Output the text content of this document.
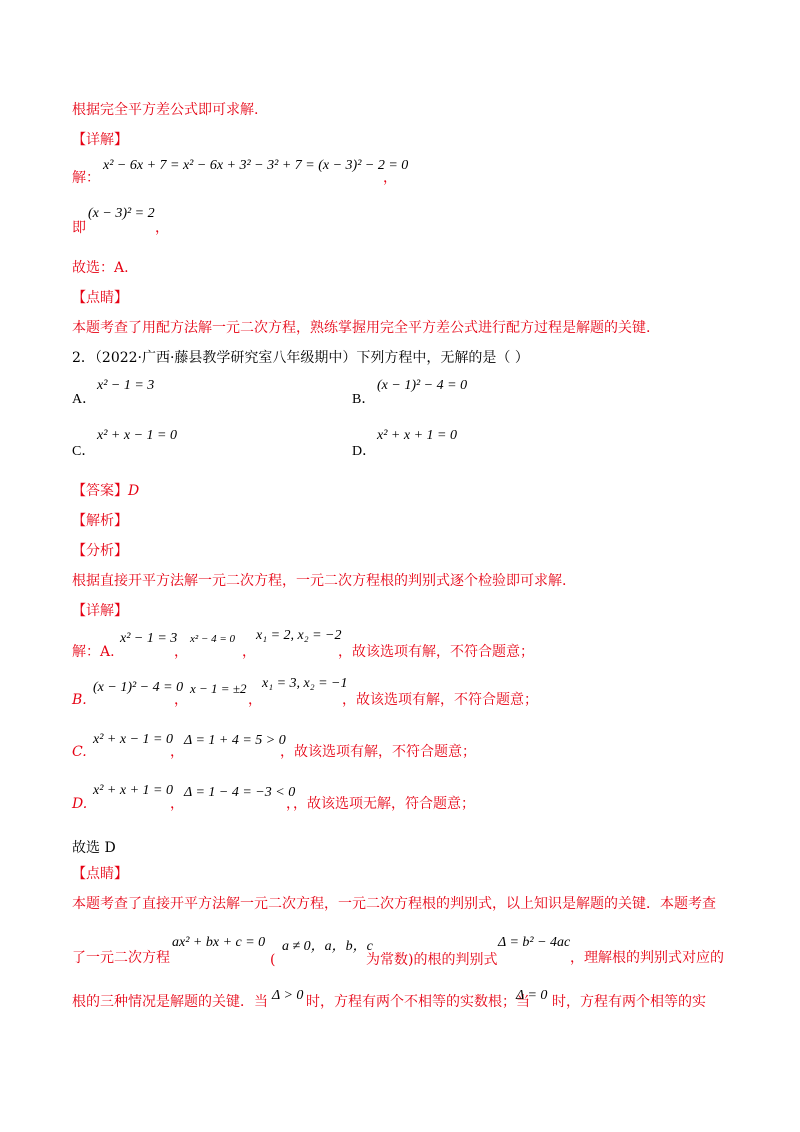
根据完全平方差公式即可求解.
【详解】
解：
x² − 6x + 7 = x² − 6x + 3² − 3² + 7 = (x − 3)² − 2 = 0
，
即
(x − 3)² = 2
，
故选：A.
【点睛】
本题考查了用配方法解一元二次方程，熟练掌握用完全平方差公式进行配方过程是解题的关键.
2．（2022·广西·藤县教学研究室八年级期中）下列方程中，无解的是（ ）
A．
x² − 1 = 3
B．
(x − 1)² − 4 = 0
C．
x² + x − 1 = 0
D．
x² + x + 1 = 0
【答案】D
【解析】
【分析】
根据直接开平方法解一元二次方程，一元二次方程根的判别式逐个检验即可求解.
【详解】
解：A.
x² − 1 = 3
，
x² − 4 = 0
，
x₁ = 2, x₂ = −2
，故该选项有解，不符合题意；
B.
(x − 1)² − 4 = 0
，
x − 1 = ±2
，
x₁ = 3, x₂ = −1
，故该选项有解，不符合题意；
C.
x² + x − 1 = 0
，
Δ = 1 + 4 = 5 > 0
，故该选项有解，不符合题意；
D.
x² + x + 1 = 0
，
Δ = 1 − 4 = −3 < 0
，，故该选项无解，符合题意；
故选 D
【点睛】
本题考查了直接开平方法解一元二次方程，一元二次方程根的判别式，以上知识是解题的关键．本题考查
了一元二次方程
ax² + bx + c = 0
(
a ≠ 0，a，b，c
为常数)的根的判别式
Δ = b² − 4ac
，理解根的判别式对应的
根的三种情况是解题的关键．当 Δ > 0 时，方程有两个不相等的实数根；当
Δ = 0 时，方程有两个相等的实
